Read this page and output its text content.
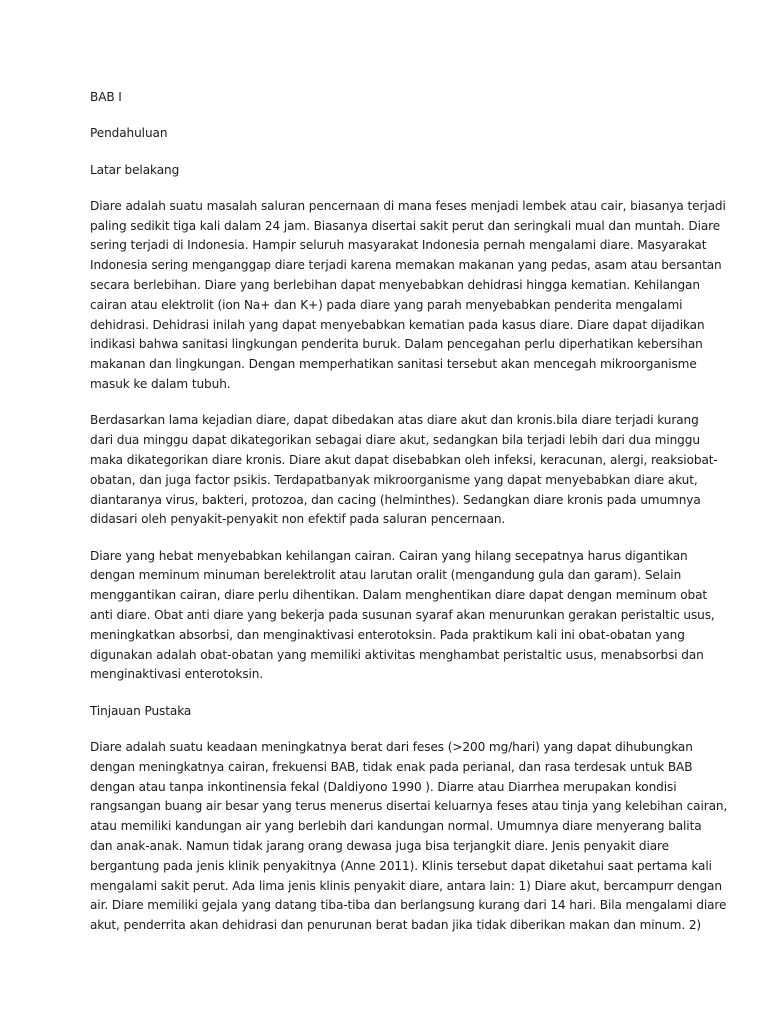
BAB I
Pendahuluan
Latar belakang
Diare adalah suatu masalah saluran pencernaan di mana feses menjadi lembek atau cair, biasanya terjadi
paling sedikit tiga kali dalam 24 jam. Biasanya disertai sakit perut dan seringkali mual dan muntah. Diare
sering terjadi di Indonesia. Hampir seluruh masyarakat Indonesia pernah mengalami diare. Masyarakat
Indonesia sering menganggap diare terjadi karena memakan makanan yang pedas, asam atau bersantan
secara berlebihan. Diare yang berlebihan dapat menyebabkan dehidrasi hingga kematian. Kehilangan
cairan atau elektrolit (ion Na+ dan K+) pada diare yang parah menyebabkan penderita mengalami
dehidrasi. Dehidrasi inilah yang dapat menyebabkan kematian pada kasus diare. Diare dapat dijadikan
indikasi bahwa sanitasi lingkungan penderita buruk. Dalam pencegahan perlu diperhatikan kebersihan
makanan dan lingkungan. Dengan memperhatikan sanitasi tersebut akan mencegah mikroorganisme
masuk ke dalam tubuh.
Berdasarkan lama kejadian diare, dapat dibedakan atas diare akut dan kronis.bila diare terjadi kurang
dari dua minggu dapat dikategorikan sebagai diare akut, sedangkan bila terjadi lebih dari dua minggu
maka dikategorikan diare kronis. Diare akut dapat disebabkan oleh infeksi, keracunan, alergi, reaksiobat-
obatan, dan juga factor psikis. Terdapatbanyak mikroorganisme yang dapat menyebabkan diare akut,
diantaranya virus, bakteri, protozoa, dan cacing (helminthes). Sedangkan diare kronis pada umumnya
didasari oleh penyakit-penyakit non efektif pada saluran pencernaan.
Diare yang hebat menyebabkan kehilangan cairan. Cairan yang hilang secepatnya harus digantikan
dengan meminum minuman berelektrolit atau larutan oralit (mengandung gula dan garam). Selain
menggantikan cairan, diare perlu dihentikan. Dalam menghentikan diare dapat dengan meminum obat
anti diare. Obat anti diare yang bekerja pada susunan syaraf akan menurunkan gerakan peristaltic usus,
meningkatkan absorbsi, dan menginaktivasi enterotoksin. Pada praktikum kali ini obat-obatan yang
digunakan adalah obat-obatan yang memiliki aktivitas menghambat peristaltic usus, menabsorbsi dan
menginaktivasi enterotoksin.
Tinjauan Pustaka
Diare adalah suatu keadaan meningkatnya berat dari feses (>200 mg/hari) yang dapat dihubungkan
dengan meningkatnya cairan, frekuensi BAB, tidak enak pada perianal, dan rasa terdesak untuk BAB
dengan atau tanpa inkontinensia fekal (Daldiyono 1990 ). Diarre atau Diarrhea merupakan kondisi
rangsangan buang air besar yang terus menerus disertai keluarnya feses atau tinja yang kelebihan cairan,
atau memiliki kandungan air yang berlebih dari kandungan normal. Umumnya diare menyerang balita
dan anak-anak. Namun tidak jarang orang dewasa juga bisa terjangkit diare. Jenis penyakit diare
bergantung pada jenis klinik penyakitnya (Anne 2011). Klinis tersebut dapat diketahui saat pertama kali
mengalami sakit perut. Ada lima jenis klinis penyakit diare, antara lain: 1) Diare akut, bercampurr dengan
air. Diare memiliki gejala yang datang tiba-tiba dan berlangsung kurang dari 14 hari. Bila mengalami diare
akut, penderrita akan dehidrasi dan penurunan berat badan jika tidak diberikan makan dan minum. 2)
